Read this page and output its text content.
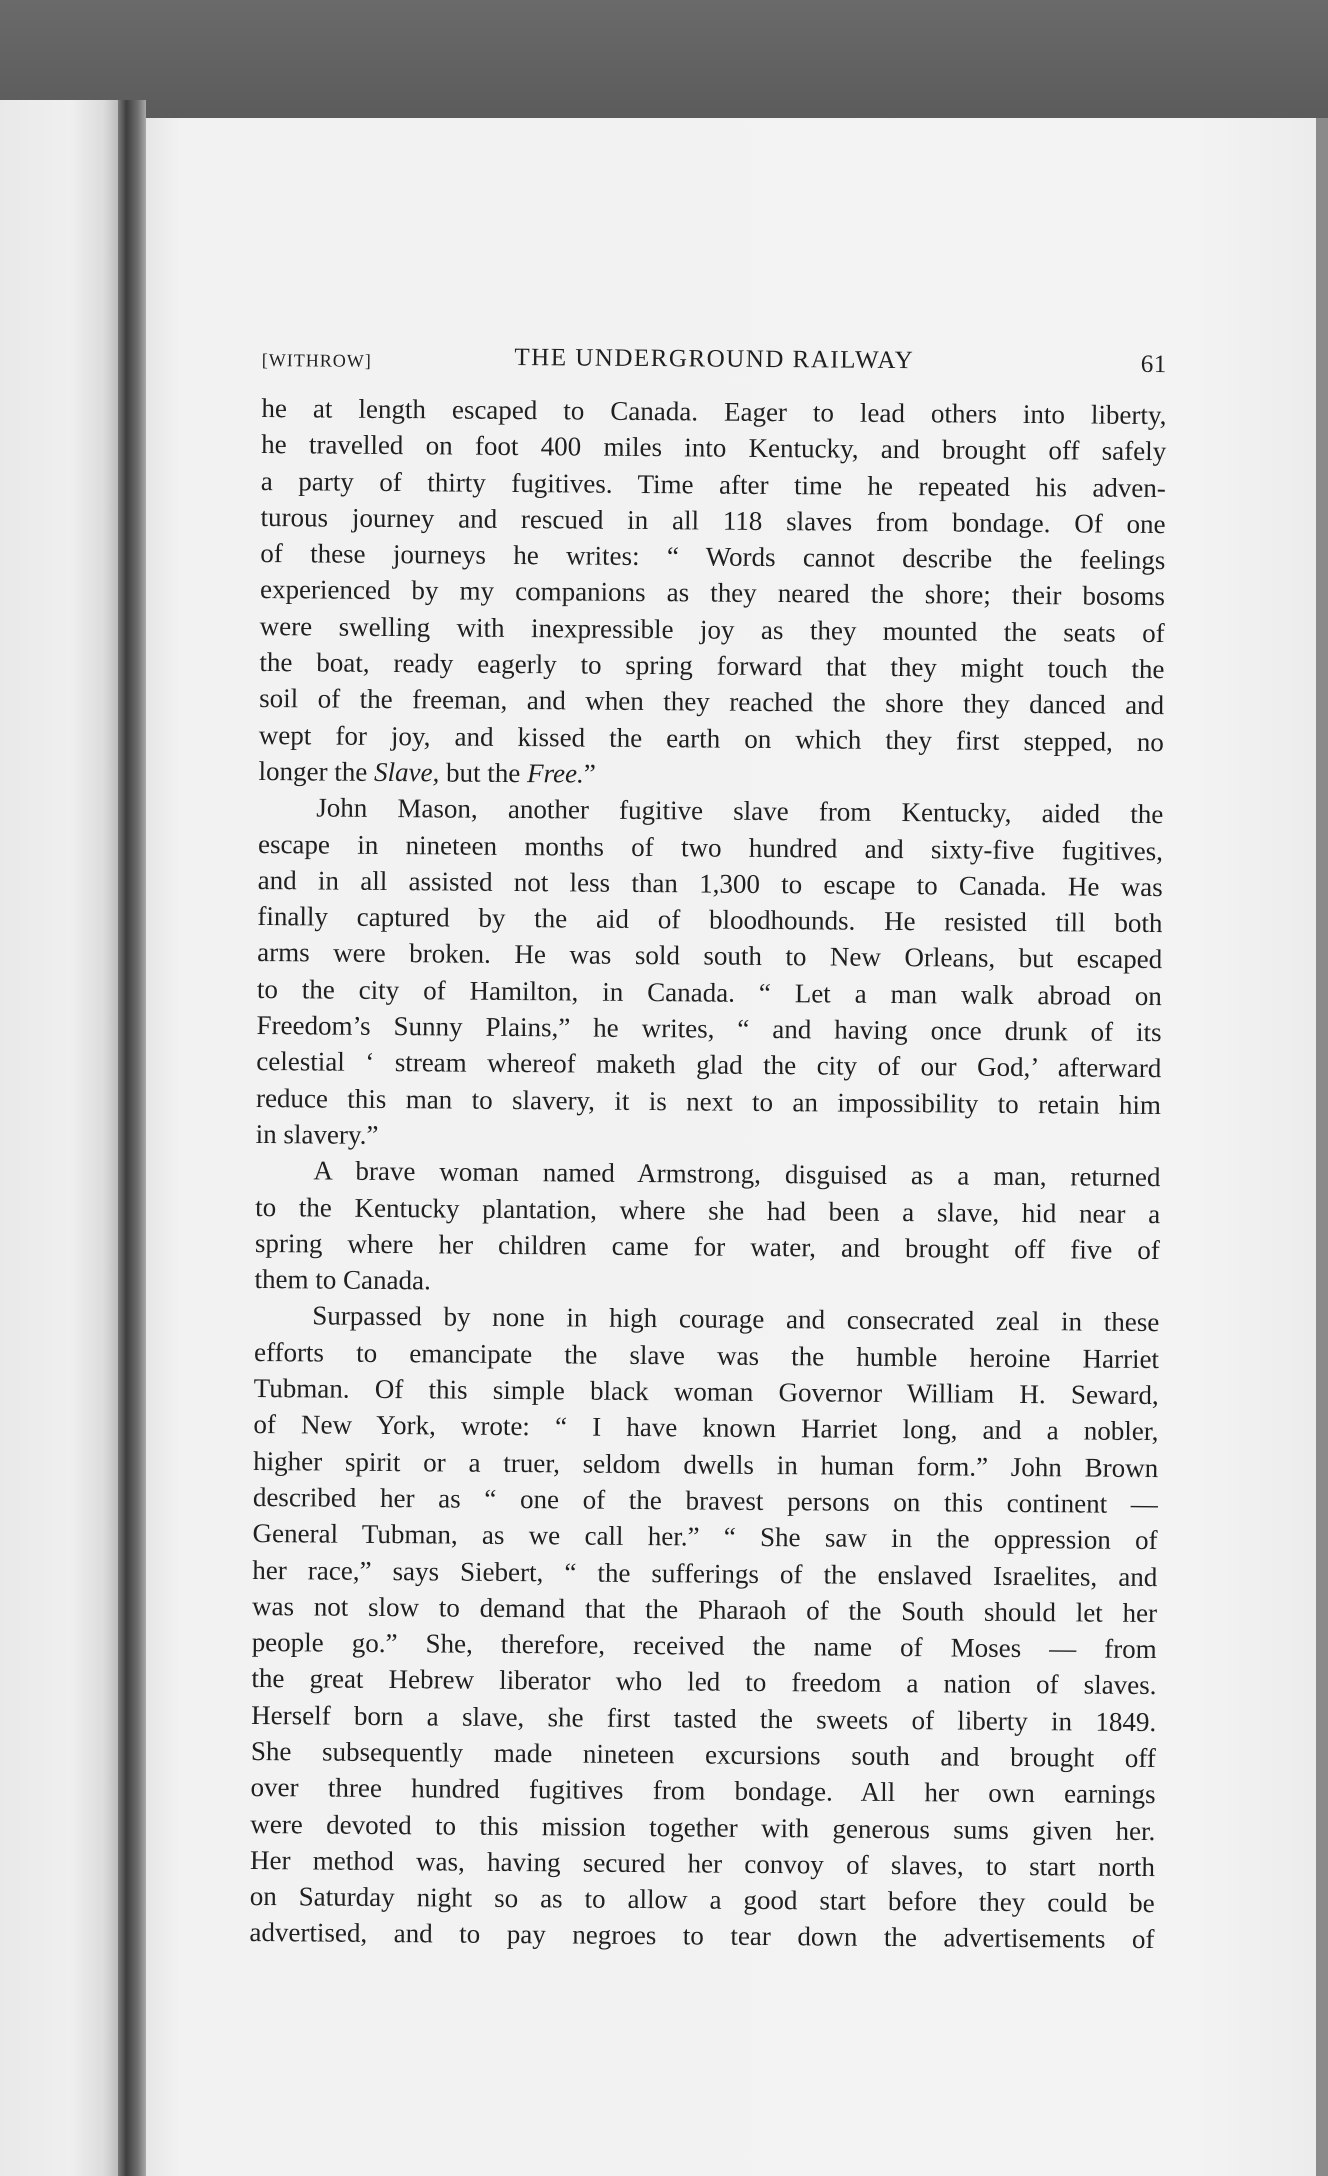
[WITHROW]	THE UNDERGROUND RAILWAY	61
he at length escaped to Canada. Eager to lead others into liberty,
he travelled on foot 400 miles into Kentucky, and brought off safely
a party of thirty fugitives. Time after time he repeated his adven-
turous journey and rescued in all 118 slaves from bondage. Of one
of these journeys he writes: “ Words cannot describe the feelings
experienced by my companions as they neared the shore; their bosoms
were swelling with inexpressible joy as they mounted the seats of
the boat, ready eagerly to spring forward that they might touch the
soil of the freeman, and when they reached the shore they danced and
wept for joy, and kissed the earth on which they first stepped, no
longer the Slave, but the Free.”
John Mason, another fugitive slave from Kentucky, aided the
escape in nineteen months of two hundred and sixty-five fugitives,
and in all assisted not less than 1,300 to escape to Canada. He was
finally captured by the aid of bloodhounds. He resisted till both
arms were broken. He was sold south to New Orleans, but escaped
to the city of Hamilton, in Canada. “ Let a man walk abroad on
Freedom’s Sunny Plains,” he writes, “ and having once drunk of its
celestial ‘ stream whereof maketh glad the city of our God,’ afterward
reduce this man to slavery, it is next to an impossibility to retain him
in slavery.”
A brave woman named Armstrong, disguised as a man, returned
to the Kentucky plantation, where she had been a slave, hid near a
spring where her children came for water, and brought off five of
them to Canada.
Surpassed by none in high courage and consecrated zeal in these
efforts to emancipate the slave was the humble heroine Harriet
Tubman. Of this simple black woman Governor William H. Seward,
of New York, wrote: “ I have known Harriet long, and a nobler,
higher spirit or a truer, seldom dwells in human form.” John Brown
described her as “ one of the bravest persons on this continent —
General Tubman, as we call her.” “ She saw in the oppression of
her race,” says Siebert, “ the sufferings of the enslaved Israelites, and
was not slow to demand that the Pharaoh of the South should let her
people go.” She, therefore, received the name of Moses — from
the great Hebrew liberator who led to freedom a nation of slaves.
Herself born a slave, she first tasted the sweets of liberty in 1849.
She subsequently made nineteen excursions south and brought off
over three hundred fugitives from bondage. All her own earnings
were devoted to this mission together with generous sums given her.
Her method was, having secured her convoy of slaves, to start north
on Saturday night so as to allow a good start before they could be
advertised, and to pay negroes to tear down the advertisements of
